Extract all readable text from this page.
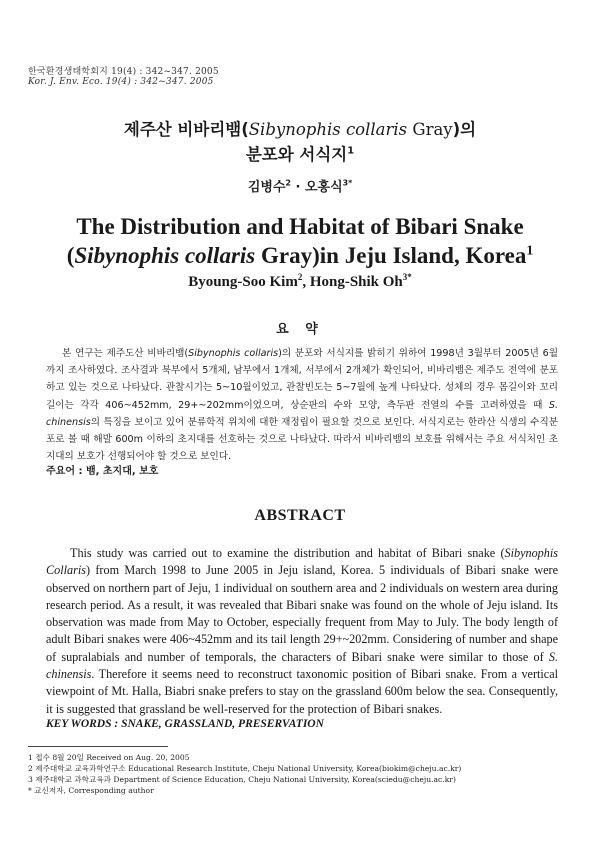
한국환경생태학회지 19(4) : 342~347. 2005
Kor. J. Env. Eco. 19(4) : 342~347. 2005
제주산 비바리뱀(Sibynophis collaris Gray)의
분포와 서식지$^1$
김병수$^2$ · 오홍식$^{3*}$
The Distribution and Habitat of Bibari Snake
(Sibynophis collaris Gray)in Jeju Island, Korea$^1$
Byoung-Soo Kim$^2$, Hong-Shik $Oh^{3*}$
요 약
본 연구는 제주도산 비바리뱀(Sibynophis collaris)의 분포와 서식지를 밝히기 위하여 1998년 3월부터 2005년 6월까지 조사하였다. 조사결과 북부에서 5개체, 남부에서 1개체, 서부에서 2개체가 확인되어, 비바리뱀은 제주도 전역에 분포하고 있는 것으로 나타났다. 관찰시기는 5~10월이었고, 관찰빈도는 5~7월에 높게 나타났다. 성체의 경우 몸길이와 꼬리길이는 각각 406~452mm, 29+~202mm이었으며, 상순판의 수와 모양, 측두판 전열의 수를 고려하였을 때 S. chinensis의 특징을 보이고 있어 분류학적 위치에 대한 재정립이 필요할 것으로 보인다. 서식지로는 한라산 식생의 수직분포로 볼 때 해발 600m 이하의 초지대를 선호하는 것으로 나타났다. 따라서 비바리뱀의 보호를 위해서는 주요 서식처인 초지대의 보호가 선행되어야 할 것으로 보인다.
주요어 : 뱀, 초지대, 보호
ABSTRACT
This study was carried out to examine the distribution and habitat of Bibari snake (Sibynophis Collaris) from March 1998 to June 2005 in Jeju island, Korea. 5 individuals of Bibari snake were observed on northern part of Jeju, 1 individual on southern area and 2 individuals on western area during research period. As a result, it was revealed that Bibari snake was found on the whole of Jeju island. Its observation was made from May to October, especially frequent from May to July. The body length of adult Bibari snakes were 406~452mm and its tail length 29+~202mm. Considering of number and shape of supralabials and number of temporals, the characters of Bibari snake were similar to those of S. chinensis. Therefore it seems need to reconstruct taxonomic position of Bibari snake. From a vertical viewpoint of Mt. Halla, Biabri snake prefers to stay on the grassland 600m below the sea. Consequently, it is suggested that grassland be well-reserved for the protection of Bibari snakes.
KEY WORDS : SNAKE, GRASSLAND, PRESERVATION
1 접수 8월 20일 Received on Aug. 20, 2005
2 제주대학교 교육과학연구소 Educational Research Institute, Cheju National University, Korea(biokim@cheju.ac.kr)
3 제주대학교 과학교육과 Department of Science Education, Cheju National University, Korea(sciedu@cheju.ac.kr)
* 교신저자, Corresponding author
